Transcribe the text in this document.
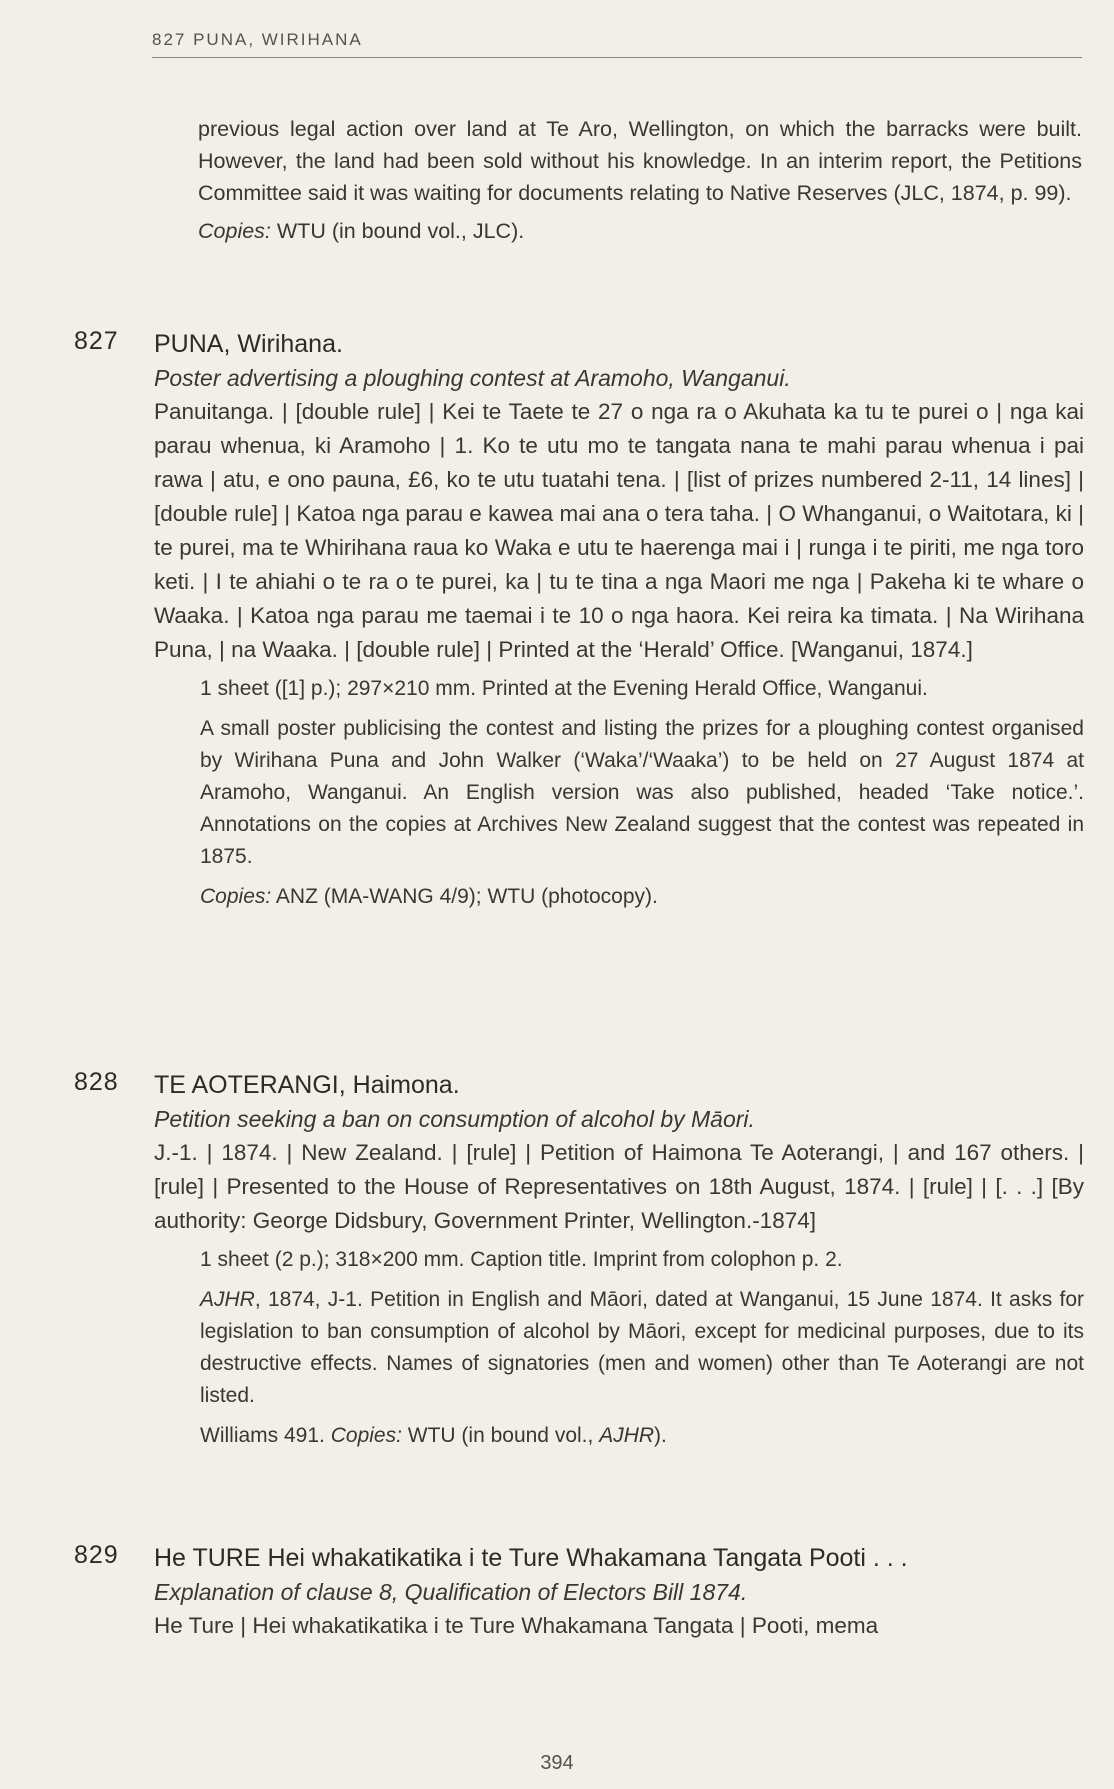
827 PUNA, WIRIHANA

previous legal action over land at Te Aro, Wellington, on which the barracks were built. However, the land had been sold without his knowledge. In an interim report, the Petitions Committee said it was waiting for documents relating to Native Reserves (JLC, 1874, p. 99).

Copies: WTU (in bound vol., JLC).

827 PUNA, Wirihana.
Poster advertising a ploughing contest at Aramoho, Wanganui.
Panuitanga. | [double rule] | Kei te Taete te 27 o nga ra o Akuhata ka tu te purei o | nga kai parau whenua, ki Aramoho | 1. Ko te utu mo te tangata nana te mahi parau whenua i pai rawa | atu, e ono pauna, £6, ko te utu tuatahi tena. | [list of prizes numbered 2-11, 14 lines] | [double rule] | Katoa nga parau e kawea mai ana o tera taha. | O Whanganui, o Waitotara, ki | te purei, ma te Whirihana raua ko Waka e utu te haerenga mai i | runga i te piriti, me nga toro keti. | I te ahiahi o te ra o te purei, ka | tu te tina a nga Maori me nga | Pakeha ki te whare o Waaka. | Katoa nga parau me taemai i te 10 o nga haora. Kei reira ka timata. | Na Wirihana Puna, | na Waaka. | [double rule] | Printed at the ‘Herald’ Office. [Wanganui, 1874.]

1 sheet ([1] p.); 297×210 mm. Printed at the Evening Herald Office, Wanganui.

A small poster publicising the contest and listing the prizes for a ploughing contest organised by Wirihana Puna and John Walker (‘Waka’/‘Waaka’) to be held on 27 August 1874 at Aramoho, Wanganui. An English version was also published, headed ‘Take notice.’. Annotations on the copies at Archives New Zealand suggest that the contest was repeated in 1875.

Copies: ANZ (MA-WANG 4/9); WTU (photocopy).

828 TE AOTERANGI, Haimona.
Petition seeking a ban on consumption of alcohol by Māori.
J.-1. | 1874. | New Zealand. | [rule] | Petition of Haimona Te Aoterangi, | and 167 others. | [rule] | Presented to the House of Representatives on 18th August, 1874. | [rule] | [. . .] [By authority: George Didsbury, Government Printer, Wellington.-1874]

1 sheet (2 p.); 318×200 mm. Caption title. Imprint from colophon p. 2.

AJHR, 1874, J-1. Petition in English and Māori, dated at Wanganui, 15 June 1874. It asks for legislation to ban consumption of alcohol by Māori, except for medicinal purposes, due to its destructive effects. Names of signatories (men and women) other than Te Aoterangi are not listed.

Williams 491. Copies: WTU (in bound vol., AJHR).

829 He TURE Hei whakatikatika i te Ture Whakamana Tangata Pooti . . .
Explanation of clause 8, Qualification of Electors Bill 1874.
He Ture | Hei whakatikatika i te Ture Whakamana Tangata | Pooti, mema
394
